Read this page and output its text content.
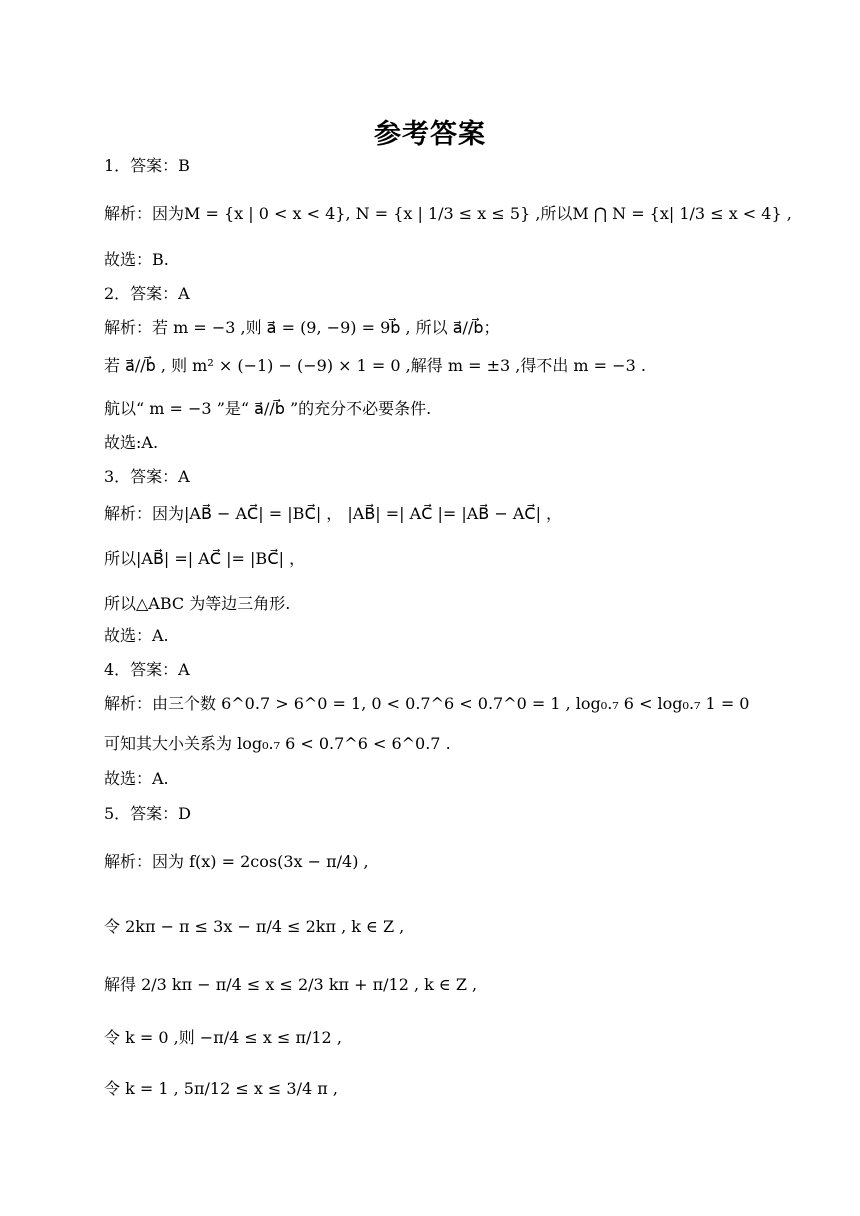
参考答案
1．答案：B
解析：因为M = {x | 0 < x < 4}, N = {x | 1/3 ≤ x ≤ 5} ,所以M ⋂ N = {x| 1/3 ≤ x < 4} ,
故选：B.
2．答案：A
解析：若 m = −3 ,则 a⃗ = (9, −9) = 9b⃗ , 所以 a⃗//b⃗；
若 a⃗//b⃗ , 则 m² × (−1) − (−9) × 1 = 0 ,解得 m = ±3 ,得不出 m = −3 .
航以“ m = −3 ”是“ a⃗//b⃗ ”的充分不必要条件.
故选:A.
3．答案：A
解析：因为|AB⃗ − AC⃗| = |BC⃗| ， |AB⃗| =| AC⃗ |= |AB⃗ − AC⃗| ，
所以|AB⃗| =| AC⃗ |= |BC⃗| ，
所以△ABC 为等边三角形.
故选：A.
4．答案：A
解析：由三个数 6^0.7 > 6^0 = 1, 0 < 0.7^6 < 0.7^0 = 1 , log₀.₇ 6 < log₀.₇ 1 = 0
可知其大小关系为 log₀.₇ 6 < 0.7^6 < 6^0.7 .
故选：A.
5．答案：D
解析：因为 f(x) = 2cos(3x − π/4) ,
令 2kπ − π ≤ 3x − π/4 ≤ 2kπ , k ∈ Z ,
解得 2/3 kπ − π/4 ≤ x ≤ 2/3 kπ + π/12 , k ∈ Z ,
令 k = 0 ,则 −π/4 ≤ x ≤ π/12 ,
令 k = 1 , 5π/12 ≤ x ≤ 3/4 π ,
